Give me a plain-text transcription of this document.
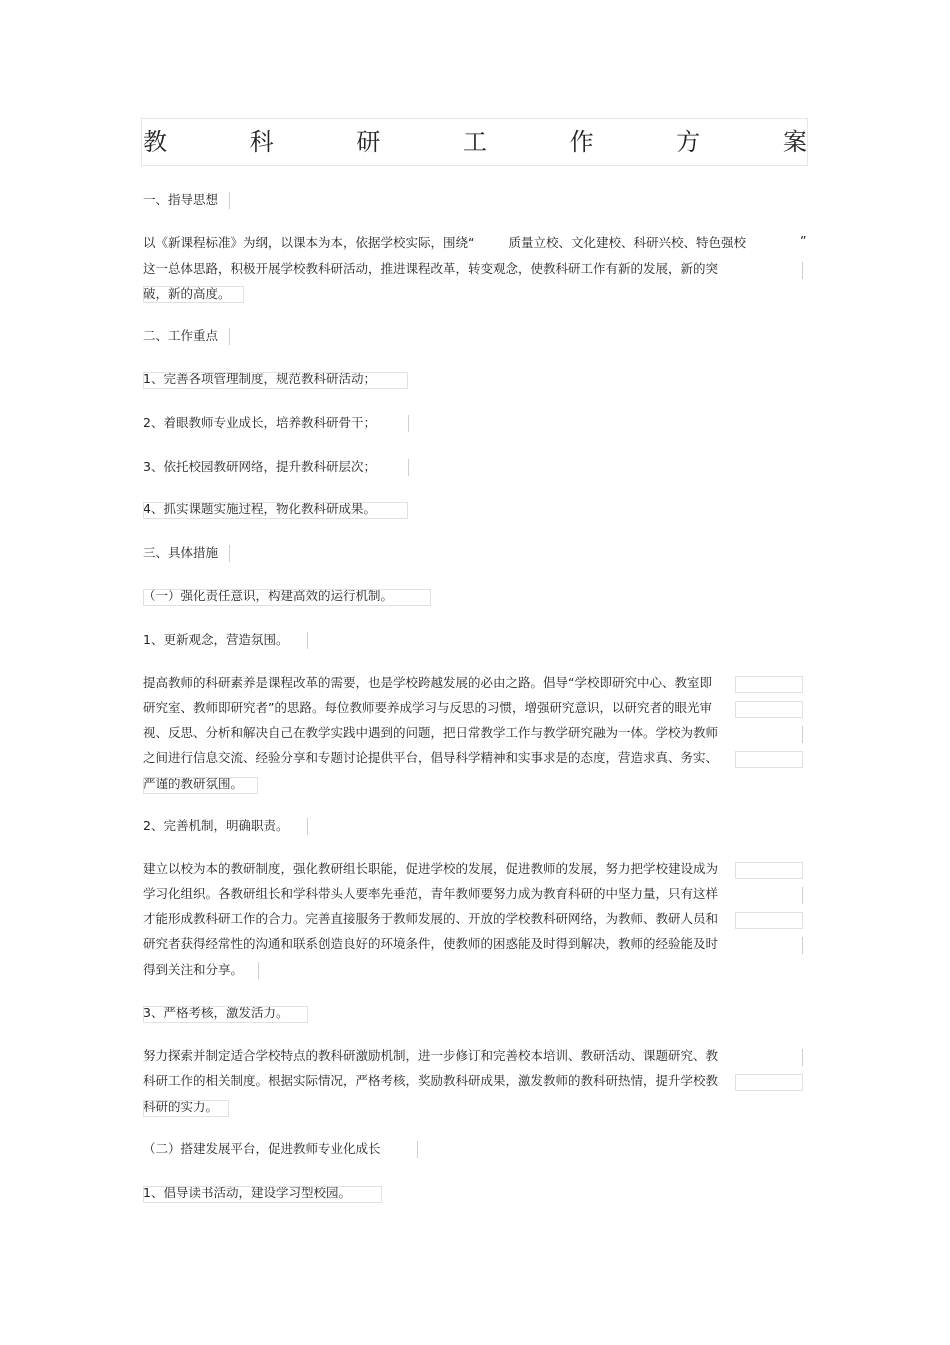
教	科	研	工	作	方	案
一、指导思想
以《新课程标准》为纲，以课本为本，依据学校实际，围绕“	质量立校、文化建校、科研兴校、特色强校	”
这一总体思路，积极开展学校教科研活动，推进课程改革，转变观念，使教科研工作有新的发展，新的突
破，新的高度。
二、工作重点
1、完善各项管理制度，规范教科研活动；
2、着眼教师专业成长，培养教科研骨干；
3、依托校园教研网络，提升教科研层次；
4、抓实课题实施过程，物化教科研成果。
三、具体措施
（一）强化责任意识，构建高效的运行机制。
1、更新观念，营造氛围。
提高教师的科研素养是课程改革的需要，也是学校跨越发展的必由之路。倡导“学校即研究中心、教室即
研究室、教师即研究者”的思路。每位教师要养成学习与反思的习惯，增强研究意识，以研究者的眼光审
视、反思、分析和解决自己在教学实践中遇到的问题，把日常教学工作与教学研究融为一体。学校为教师
之间进行信息交流、经验分享和专题讨论提供平台，倡导科学精神和实事求是的态度，营造求真、务实、
严谨的教研氛围。
2、完善机制，明确职责。
建立以校为本的教研制度，强化教研组长职能，促进学校的发展，促进教师的发展，努力把学校建设成为
学习化组织。各教研组长和学科带头人要率先垂范，青年教师要努力成为教育科研的中坚力量，只有这样
才能形成教科研工作的合力。完善直接服务于教师发展的、开放的学校教科研网络，为教师、教研人员和
研究者获得经常性的沟通和联系创造良好的环境条件，使教师的困惑能及时得到解决，教师的经验能及时
得到关注和分享。
3、严格考核，激发活力。
努力探索并制定适合学校特点的教科研激励机制，进一步修订和完善校本培训、教研活动、课题研究、教
科研工作的相关制度。根据实际情况，严格考核，奖励教科研成果，激发教师的教科研热情，提升学校教
科研的实力。
（二）搭建发展平台，促进教师专业化成长
1、倡导读书活动，建设学习型校园。
